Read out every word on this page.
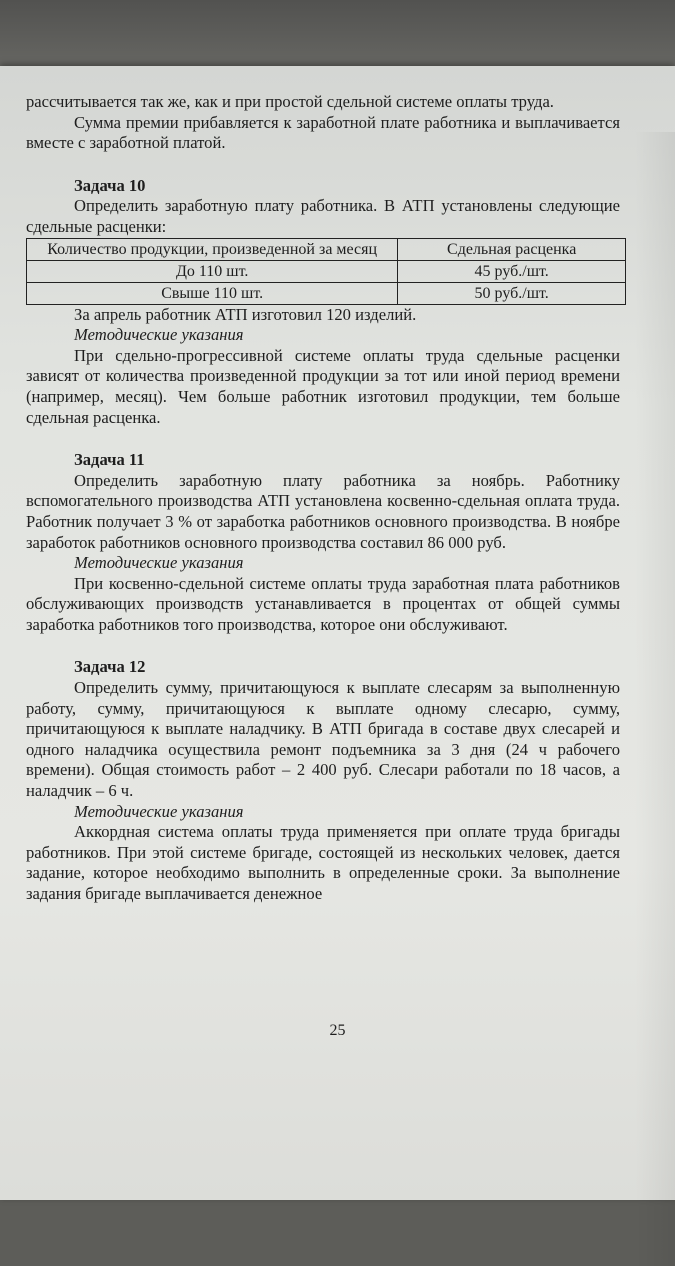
рассчитывается так же, как и при простой сдельной системе оплаты труда.

Сумма премии прибавляется к заработной плате работника и выплачивается вместе с заработной платой.

Задача 10

Определить заработную плату работника. В АТП установлены следующие сдельные расценки:

Количество продукции, произведенной за месяц	Сдельная расценка
До 110 шт.	45 руб./шт.
Свыше 110 шт.	50 руб./шт.

За апрель работник АТП изготовил 120 изделий.

Методические указания

При сдельно-прогрессивной системе оплаты труда сдельные расценки зависят от количества произведенной продукции за тот или иной период времени (например, месяц). Чем больше работник изготовил продукции, тем больше сдельная расценка.

Задача 11

Определить заработную плату работника за ноябрь. Работнику вспомогательного производства АТП установлена косвенно-сдельная оплата труда. Работник получает 3 % от заработка работников основного производства. В ноябре заработок работников основного производства составил 86 000 руб.

Методические указания

При косвенно-сдельной системе оплаты труда заработная плата работников обслуживающих производств устанавливается в процентах от общей суммы заработка работников того производства, которое они обслуживают.

Задача 12

Определить сумму, причитающуюся к выплате слесарям за выполненную работу, сумму, причитающуюся к выплате одному слесарю, сумму, причитающуюся к выплате наладчику. В АТП бригада в составе двух слесарей и одного наладчика осуществила ремонт подъемника за 3 дня (24 ч рабочего времени). Общая стоимость работ – 2 400 руб. Слесари работали по 18 часов, а наладчик – 6 ч.

Методические указания

Аккордная система оплаты труда применяется при оплате труда бригады работников. При этой системе бригаде, состоящей из нескольких человек, дается задание, которое необходимо выполнить в определенные сроки. За выполнение задания бригаде выплачивается денежное

25
